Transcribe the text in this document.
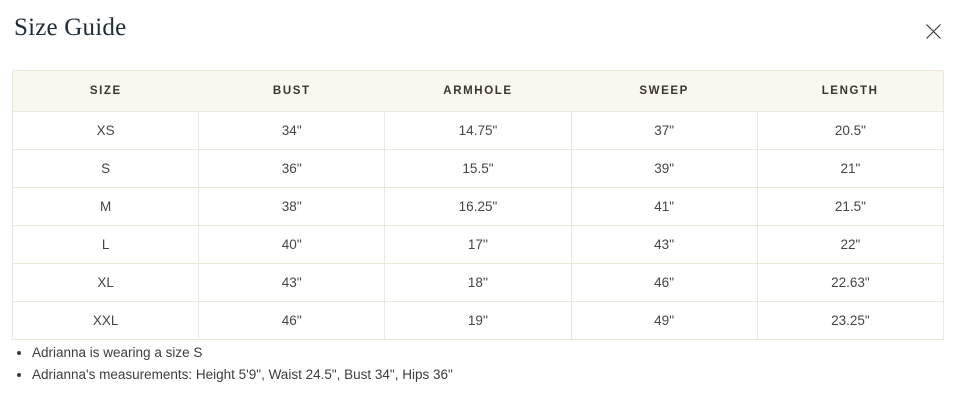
Size Guide
SIZE	BUST	ARMHOLE	SWEEP	LENGTH
XS	34''	14.75"	37"	20.5"
S	36''	15.5"	39"	21"
M	38''	16.25"	41"	21.5"
L	40''	17''	43''	22"
XL	43''	18''	46''	22.63"
XXL	46''	19''	49''	23.25"
• Adrianna is wearing a size S
• Adrianna's measurements: Height 5'9", Waist 24.5", Bust 34", Hips 36"
